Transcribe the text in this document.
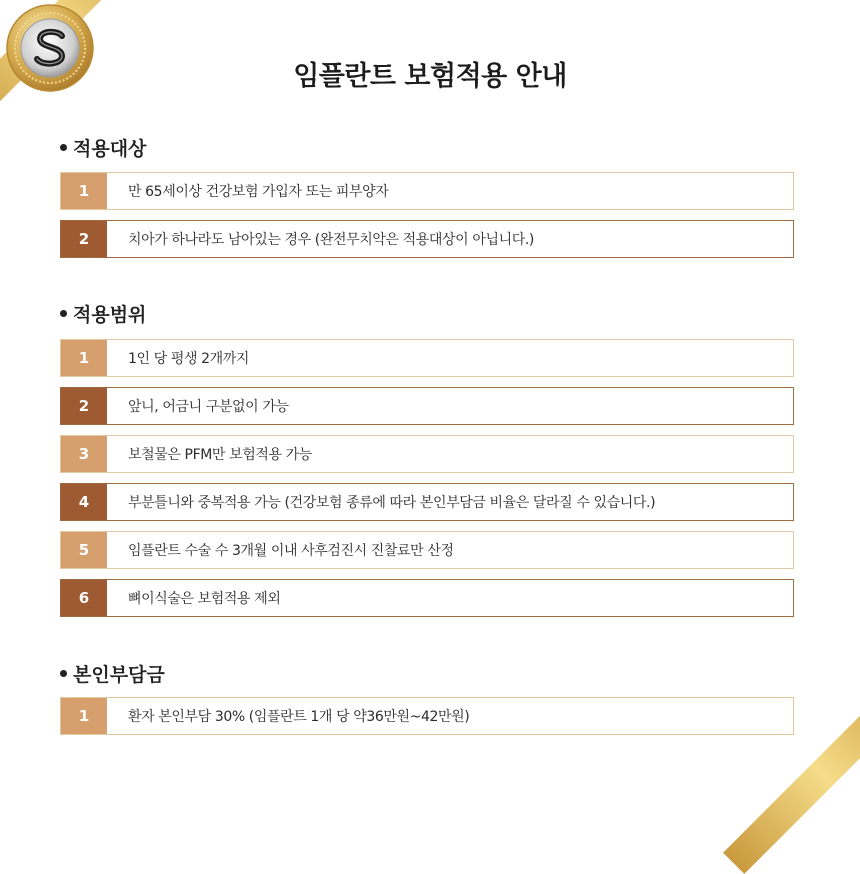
임플란트 보험적용 안내
적용대상
1	만 65세이상 건강보험 가입자 또는 피부양자
2	치아가 하나라도 남아있는 경우 (완전무치악은 적용대상이 아닙니다.)
적용범위
1	1인 당 평생 2개까지
2	앞니, 어금니 구분없이 가능
3	보철물은 PFM만 보험적용 가능
4	부분틀니와 중복적용 가능 (건강보험 종류에 따라 본인부담금 비율은 달라질 수 있습니다.)
5	임플란트 수술 수 3개월 이내 사후검진시 진찰료만 산정
6	뼈이식술은 보험적용 제외
본인부담금
1	환자 본인부담 30% (임플란트 1개 당 약36만원~42만원)
